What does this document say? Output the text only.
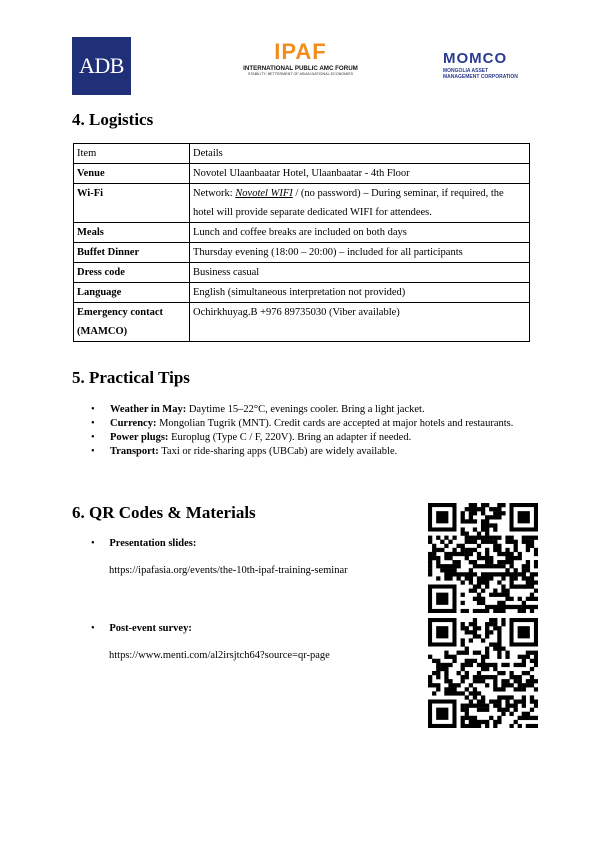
ADB
IPAF
INTERNATIONAL PUBLIC AMC FORUM
STABILITY, BETTERMENT OF ASIAN NATIONAL ECONOMIES
MOMCO
MONGOLIA ASSET
MANAGEMENT CORPORATION
4. Logistics
Item	Details
Venue	Novotel Ulaanbaatar Hotel, Ulaanbaatar - 4th Floor
Wi-Fi	Network: Novotel WIFI / (no password) – During seminar, if required, the
hotel will provide separate dedicated WIFI for attendees.
Meals	Lunch and coffee breaks are included on both days
Buffet Dinner	Thursday evening (18:00 – 20:00) – included for all participants
Dress code	Business casual
Language	English (simultaneous interpretation not provided)
Emergency contact
(MAMCO)	Ochirkhuyag.B +976 89735030 (Viber available)
5. Practical Tips
• Weather in May: Daytime 15–22°C, evenings cooler. Bring a light jacket.
• Currency: Mongolian Tugrik (MNT). Credit cards are accepted at major hotels and restaurants.
• Power plugs: Europlug (Type C / F, 220V). Bring an adapter if needed.
• Transport: Taxi or ride-sharing apps (UBCab) are widely available.
6. QR Codes & Materials
• Presentation slides:
https://ipafasia.org/events/the-10th-ipaf-training-seminar
• Post-event survey:
https://www.menti.com/al2irsjtch64?source=qr-page
